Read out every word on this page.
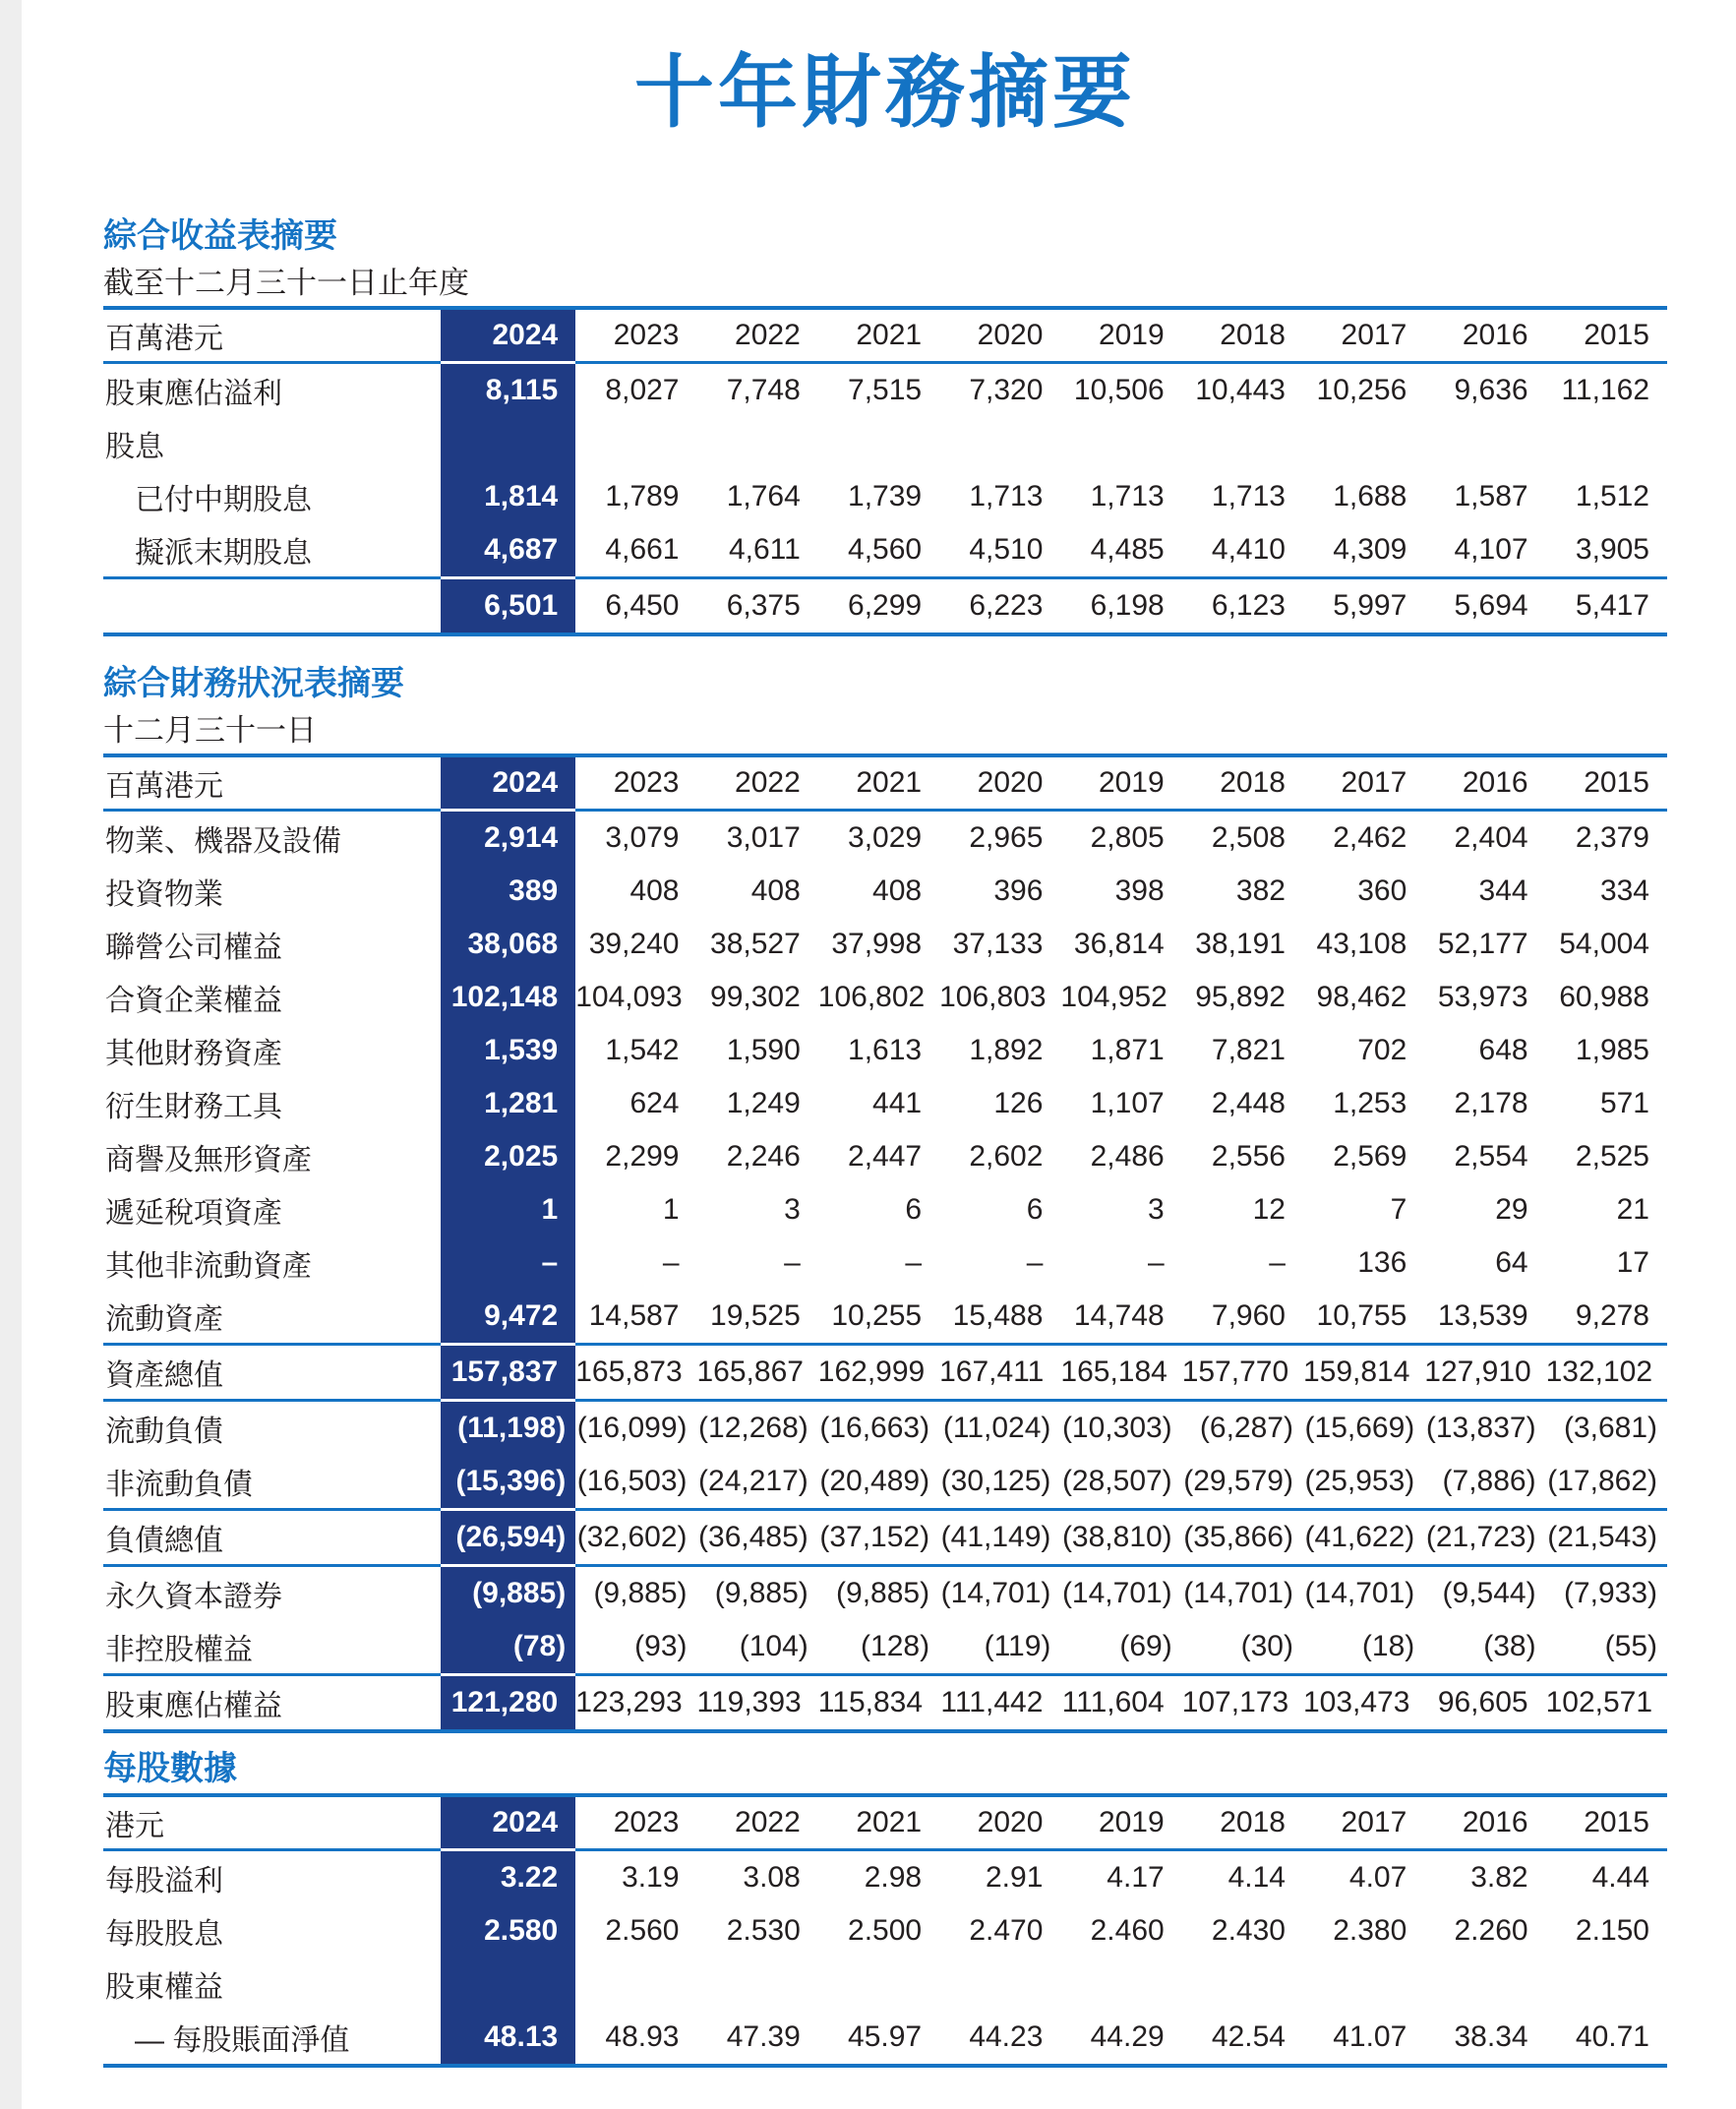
十年財務摘要
綜合收益表摘要
截至十二月三十一日止年度
百萬港元	2024	2023	2022	2021	2020	2019	2018	2017	2016	2015
股東應佔溢利	8,115	8,027	7,748	7,515	7,320	10,506	10,443	10,256	9,636	11,162
股息										
已付中期股息	1,814	1,789	1,764	1,739	1,713	1,713	1,713	1,688	1,587	1,512
擬派末期股息	4,687	4,661	4,611	4,560	4,510	4,485	4,410	4,309	4,107	3,905
	6,501	6,450	6,375	6,299	6,223	6,198	6,123	5,997	5,694	5,417
綜合財務狀況表摘要
十二月三十一日
百萬港元	2024	2023	2022	2021	2020	2019	2018	2017	2016	2015
物業、機器及設備	2,914	3,079	3,017	3,029	2,965	2,805	2,508	2,462	2,404	2,379
投資物業	389	408	408	408	396	398	382	360	344	334
聯營公司權益	38,068	39,240	38,527	37,998	37,133	36,814	38,191	43,108	52,177	54,004
合資企業權益	102,148	104,093	99,302	106,802	106,803	104,952	95,892	98,462	53,973	60,988
其他財務資產	1,539	1,542	1,590	1,613	1,892	1,871	7,821	702	648	1,985
衍生財務工具	1,281	624	1,249	441	126	1,107	2,448	1,253	2,178	571
商譽及無形資產	2,025	2,299	2,246	2,447	2,602	2,486	2,556	2,569	2,554	2,525
遞延稅項資產	1	1	3	6	6	3	12	7	29	21
其他非流動資產	–	–	–	–	–	–	–	136	64	17
流動資產	9,472	14,587	19,525	10,255	15,488	14,748	7,960	10,755	13,539	9,278
資產總值	157,837	165,873	165,867	162,999	167,411	165,184	157,770	159,814	127,910	132,102
流動負債	(11,198)	(16,099)	(12,268)	(16,663)	(11,024)	(10,303)	(6,287)	(15,669)	(13,837)	(3,681)
非流動負債	(15,396)	(16,503)	(24,217)	(20,489)	(30,125)	(28,507)	(29,579)	(25,953)	(7,886)	(17,862)
負債總值	(26,594)	(32,602)	(36,485)	(37,152)	(41,149)	(38,810)	(35,866)	(41,622)	(21,723)	(21,543)
永久資本證券	(9,885)	(9,885)	(9,885)	(9,885)	(14,701)	(14,701)	(14,701)	(14,701)	(9,544)	(7,933)
非控股權益	(78)	(93)	(104)	(128)	(119)	(69)	(30)	(18)	(38)	(55)
股東應佔權益	121,280	123,293	119,393	115,834	111,442	111,604	107,173	103,473	96,605	102,571
每股數據
港元	2024	2023	2022	2021	2020	2019	2018	2017	2016	2015
每股溢利	3.22	3.19	3.08	2.98	2.91	4.17	4.14	4.07	3.82	4.44
每股股息	2.580	2.560	2.530	2.500	2.470	2.460	2.430	2.380	2.260	2.150
股東權益										
— 每股賬面淨值	48.13	48.93	47.39	45.97	44.23	44.29	42.54	41.07	38.34	40.71
